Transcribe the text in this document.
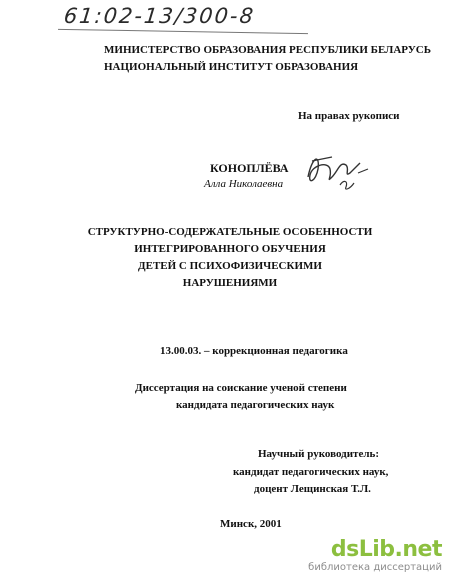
61:02-13/300-8
МИНИСТЕРСТВО ОБРАЗОВАНИЯ РЕСПУБЛИКИ БЕЛАРУСЬ
НАЦИОНАЛЬНЫЙ ИНСТИТУТ ОБРАЗОВАНИЯ
На правах рукописи
КОНОПЛЁВА
Алла Николаевна
СТРУКТУРНО-СОДЕРЖАТЕЛЬНЫЕ ОСОБЕННОСТИ
ИНТЕГРИРОВАННОГО ОБУЧЕНИЯ
ДЕТЕЙ С ПСИХОФИЗИЧЕСКИМИ
НАРУШЕНИЯМИ
13.00.03. – коррекционная педагогика
Диссертация на соискание ученой степени
кандидата педагогических наук
Научный руководитель:
кандидат педагогических наук,
доцент Лещинская Т.Л.
Минск, 2001
dsLib.net
библиотека диссертаций
